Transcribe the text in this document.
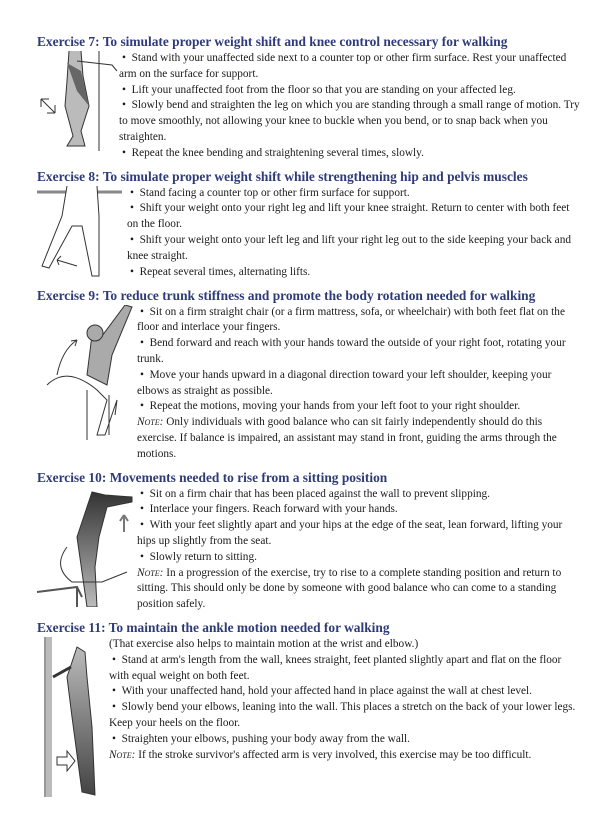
Exercise 7: To simulate proper weight shift and knee control necessary for walking

•  Stand with your unaffected side next to a counter top or other firm surface. Rest your unaffected arm on the surface for support.

•  Lift your unaffected foot from the floor so that you are standing on your affected leg.

•  Slowly bend and straighten the leg on which you are standing through a small range of motion. Try to move smoothly, not allowing your knee to buckle when you bend, or to snap back when you straighten.

•  Repeat the knee bending and straightening several times, slowly.

Exercise 8: To simulate proper weight shift while strengthening hip and pelvis muscles

•  Stand facing a counter top or other firm surface for support.

•  Shift your weight onto your right leg and lift your knee straight. Return to center with both feet on the floor.

•  Shift your weight onto your left leg and lift your right leg out to the side keeping your back and knee straight.

•  Repeat several times, alternating lifts.

Exercise 9: To reduce trunk stiffness and promote the body rotation needed for walking

•  Sit on a firm straight chair (or a firm mattress, sofa, or wheelchair) with both feet flat on the floor and interlace your fingers.

•  Bend forward and reach with your hands toward the outside of your right foot, rotating your trunk.

•  Move your hands upward in a diagonal direction toward your left shoulder, keeping your elbows as straight as possible.

•  Repeat the motions, moving your hands from your left foot to your right shoulder.

Note: Only individuals with good balance who can sit fairly independently should do this exercise. If balance is impaired, an assistant may stand in front, guiding the arms through the motions.

Exercise 10: Movements needed to rise from a sitting position

•  Sit on a firm chair that has been placed against the wall to prevent slipping.

•  Interlace your fingers. Reach forward with your hands.

•  With your feet slightly apart and your hips at the edge of the seat, lean forward, lifting your hips up slightly from the seat.

•  Slowly return to sitting.

Note: In a progression of the exercise, try to rise to a complete standing position and return to sitting. This should only be done by someone with good balance who can come to a standing position safely.

Exercise 11: To maintain the ankle motion needed for walking

(That exercise also helps to maintain motion at the wrist and elbow.)

•  Stand at arm's length from the wall, knees straight, feet planted slightly apart and flat on the floor with equal weight on both feet.

•  With your unaffected hand, hold your affected hand in place against the wall at chest level.

•  Slowly bend your elbows, leaning into the wall. This places a stretch on the back of your lower legs. Keep your heels on the floor.

•  Straighten your elbows, pushing your body away from the wall.

Note: If the stroke survivor's affected arm is very involved, this exercise may be too difficult.
